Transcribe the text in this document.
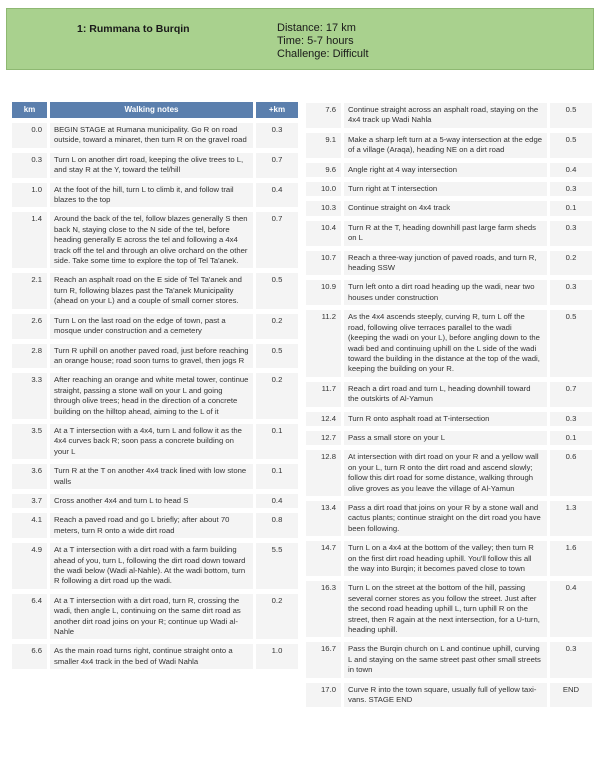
1: Rummana to Burqin	Distance: 17 km
Time: 5-7 hours
Challenge: Difficult
km	Walking notes	+km
0.0	BEGIN STAGE at Rumana municipality. Go R on road outside, toward a minaret, then turn R on the gravel road	0.3
0.3	Turn L on another dirt road, keeping the olive trees to L, and stay R at the Y, toward the tel/hill	0.7
1.0	At the foot of the hill, turn L to climb it, and follow trail blazes to the top	0.4
1.4	Around the back of the tel, follow blazes generally S then back N, staying close to the N side of the tel, before heading generally E across the tel and following a 4x4 track off the tel and through an olive orchard on the other side. Take some time to explore the top of Tel Ta'anek.	0.7
2.1	Reach an asphalt road on the E side of Tel Ta'anek and turn R, following blazes past the Ta'anek Municipality (ahead on your L) and a couple of small corner stores.	0.5
2.6	Turn L on the last road on the edge of town, past a mosque under construction and a cemetery	0.2
2.8	Turn R uphill on another paved road, just before reaching an orange house; road soon turns to gravel, then jogs R	0.5
3.3	After reaching an orange and white metal tower, continue straight, passing a stone wall on your L and going through olive trees; head in the direction of a concrete building on the hilltop ahead, aiming to the L of it	0.2
3.5	At a T intersection with a 4x4, turn L and follow it as the 4x4 curves back R; soon pass a concrete building on your L	0.1
3.6	Turn R at the T on another 4x4 track lined with low stone walls	0.1
3.7	Cross another 4x4 and turn L to head S	0.4
4.1	Reach a paved road and go L briefly; after about 70 meters, turn R onto a wide dirt road	0.8
4.9	At a T intersection with a dirt road with a farm building ahead of you, turn L, following the dirt road down toward the wadi below (Wadi al-Nahle). At the wadi bottom, turn R following a dirt road up the wadi.	5.5
6.4	At a T intersection with a dirt road, turn R, crossing the wadi, then angle L, continuing on the same dirt road as another dirt road joins on your R; continue up Wadi al-Nahle	0.2
6.6	As the main road turns right, continue straight onto a smaller 4x4 track in the bed of Wadi Nahla	1.0
7.6	Continue straight across an asphalt road, staying on the 4x4 track up Wadi Nahla	0.5
9.1	Make a sharp left turn at a 5-way intersection at the edge of a village (Araqa), heading NE on a dirt road	0.5
9.6	Angle right at 4 way intersection	0.4
10.0	Turn right at T intersection	0.3
10.3	Continue straight on 4x4 track	0.1
10.4	Turn R at the T, heading downhill past large farm sheds on L	0.3
10.7	Reach a three-way junction of paved roads, and turn R, heading SSW	0.2
10.9	Turn left onto a dirt road heading up the wadi, near two houses under construction	0.3
11.2	As the 4x4 ascends steeply, curving R, turn L off the road, following olive terraces parallel to the wadi (keeping the wadi on your L), before angling down to the wadi bed and continuing uphill on the L side of the wadi toward the building in the distance at the top of the wadi, keeping the building on your R.	0.5
11.7	Reach a dirt road and turn L, heading downhill toward the outskirts of Al-Yamun	0.7
12.4	Turn R onto asphalt road at T-intersection	0.3
12.7	Pass a small store on your L	0.1
12.8	At intersection with dirt road on your R and a yellow wall on your L, turn R onto the dirt road and ascend slowly; follow this dirt road for some distance, walking through olive groves as you leave the village of Al-Yamun	0.6
13.4	Pass a dirt road that joins on your R by a stone wall and cactus plants; continue straight on the dirt road you have been following.	1.3
14.7	Turn L on a 4x4 at the bottom of the valley; then turn R on the first dirt road heading uphill. You'll follow this all the way into Burqin; it becomes paved close to town	1.6
16.3	Turn L on the street at the bottom of the hill, passing several corner stores as you follow the street. Just after the second road heading uphill L, turn uphill R on the street, then R again at the next intersection, for a U-turn, heading uphill.	0.4
16.7	Pass the Burqin church on L and continue uphill, curving L and staying on the same street past other small streets in town	0.3
17.0	Curve R into the town square, usually full of yellow taxi-vans. STAGE END	END
